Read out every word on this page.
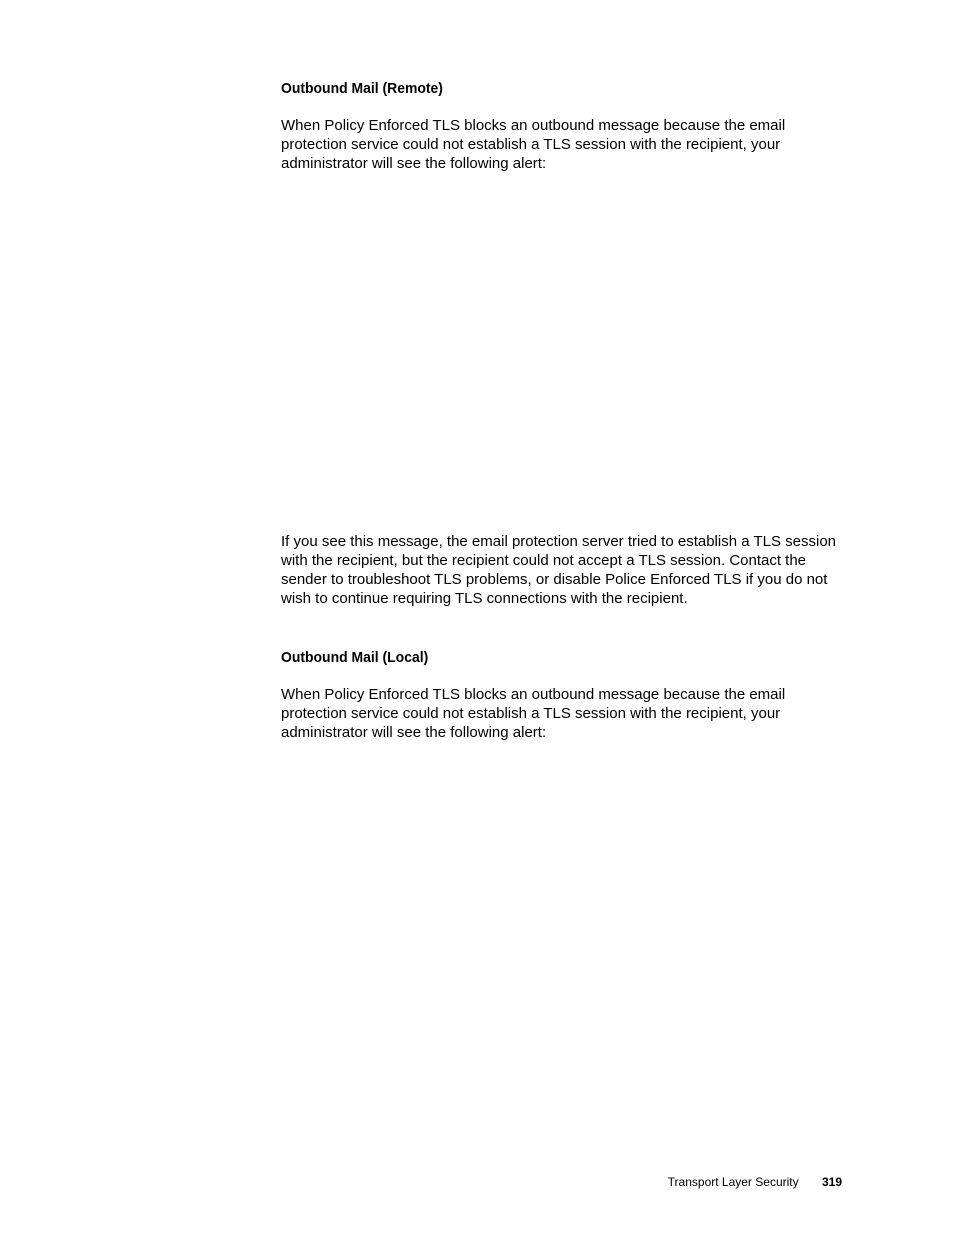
Outbound Mail (Remote)

When Policy Enforced TLS blocks an outbound message because the email protection service could not establish a TLS session with the recipient, your administrator will see the following alert:

If you see this message, the email protection server tried to establish a TLS session with the recipient, but the recipient could not accept a TLS session. Contact the sender to troubleshoot TLS problems, or disable Police Enforced TLS if you do not wish to continue requiring TLS connections with the recipient.

Outbound Mail (Local)

When Policy Enforced TLS blocks an outbound message because the email protection service could not establish a TLS session with the recipient, your administrator will see the following alert:

Transport Layer Security 319
